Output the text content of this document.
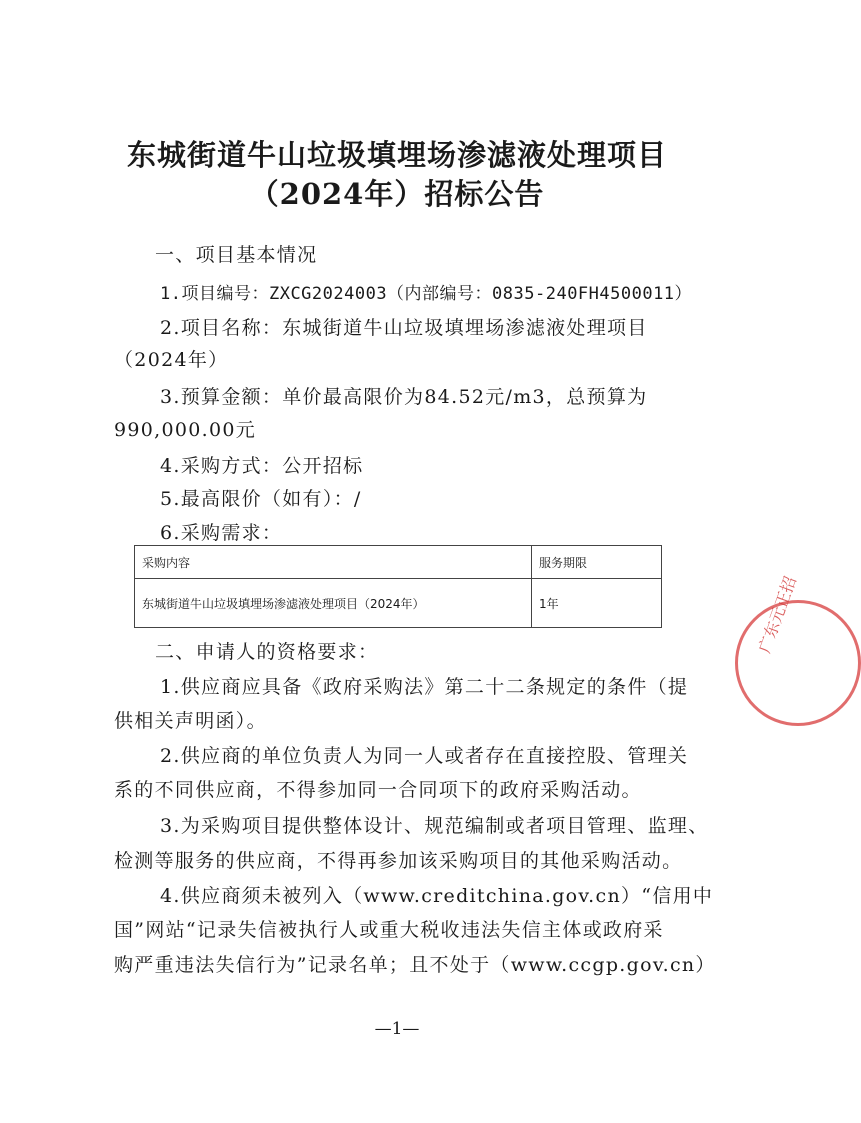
东城街道牛山垃圾填埋场渗滤液处理项目
（2024年）招标公告
一、项目基本情况
1.项目编号：ZXCG2024003（内部编号：0835-240FH4500011）
2.项目名称：东城街道牛山垃圾填埋场渗滤液处理项目
（2024年）
3.预算金额：单价最高限价为84.52元/m3，总预算为
990,000.00元
4.采购方式：公开招标
5.最高限价（如有）：/
6.采购需求：
采购内容	服务期限
东城街道牛山垃圾填埋场渗滤液处理项目（2024年）	1年
二、申请人的资格要求：
1.供应商应具备《政府采购法》第二十二条规定的条件（提
供相关声明函）。
2.供应商的单位负责人为同一人或者存在直接控股、管理关
系的不同供应商，不得参加同一合同项下的政府采购活动。
3.为采购项目提供整体设计、规范编制或者项目管理、监理、
检测等服务的供应商，不得再参加该采购项目的其他采购活动。
4.供应商须未被列入（www.creditchina.gov.cn）“信用中
国”网站“记录失信被执行人或重大税收违法失信主体或政府采
购严重违法失信行为”记录名单；且不处于（www.ccgp.gov.cn）
广东元正招
—1—
